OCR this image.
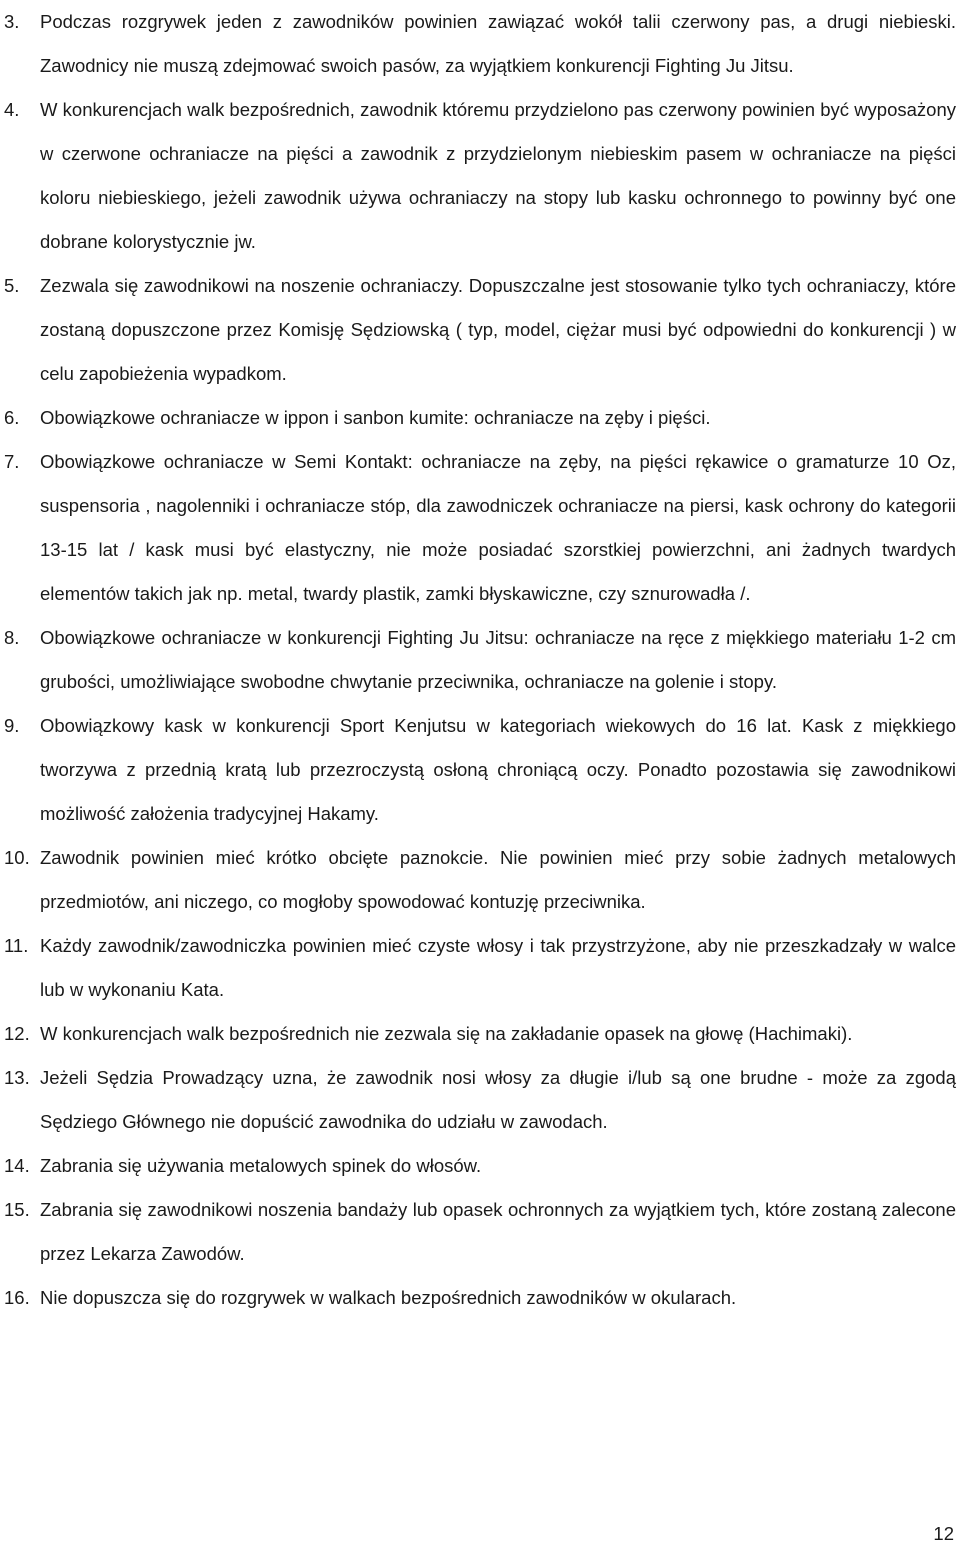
3.	Podczas rozgrywek jeden z zawodników powinien zawiązać wokół talii czerwony pas, a drugi niebieski. Zawodnicy nie muszą zdejmować swoich pasów, za wyjątkiem konkurencji Fighting Ju Jitsu.
4.	W konkurencjach walk bezpośrednich, zawodnik któremu przydzielono pas czerwony powinien być wyposażony w czerwone ochraniacze na pięści a zawodnik z przydzielonym niebieskim pasem w ochraniacze na pięści koloru niebieskiego, jeżeli zawodnik używa ochraniaczy na stopy lub kasku ochronnego to powinny być one dobrane kolorystycznie jw.
5.	Zezwala się zawodnikowi na noszenie ochraniaczy. Dopuszczalne jest stosowanie tylko tych ochraniaczy, które zostaną dopuszczone przez Komisję Sędziowską ( typ, model, ciężar musi być odpowiedni do konkurencji ) w celu zapobieżenia wypadkom.
6.	Obowiązkowe ochraniacze w ippon i sanbon kumite: ochraniacze na zęby i pięści.
7.	Obowiązkowe ochraniacze w Semi Kontakt: ochraniacze na zęby, na pięści rękawice o gramaturze 10 Oz, suspensoria , nagolenniki i ochraniacze stóp, dla zawodniczek ochraniacze na piersi, kask ochrony do kategorii 13-15 lat / kask musi być elastyczny, nie może posiadać szorstkiej powierzchni, ani żadnych twardych elementów takich jak np. metal, twardy plastik, zamki błyskawiczne, czy sznurowadła /.
8.	Obowiązkowe ochraniacze w konkurencji Fighting Ju Jitsu: ochraniacze na ręce z miękkiego materiału 1-2 cm grubości, umożliwiające swobodne chwytanie przeciwnika, ochraniacze na golenie i stopy.
9.	Obowiązkowy kask w konkurencji Sport Kenjutsu w kategoriach wiekowych do 16 lat. Kask z miękkiego tworzywa z przednią kratą lub przezroczystą osłoną chroniącą oczy. Ponadto pozostawia się zawodnikowi możliwość założenia tradycyjnej Hakamy.
10. Zawodnik powinien mieć krótko obcięte paznokcie. Nie powinien mieć przy sobie żadnych metalowych przedmiotów, ani niczego, co mogłoby spowodować kontuzję przeciwnika.
11. Każdy zawodnik/zawodniczka powinien mieć czyste włosy i tak przystrzyżone, aby nie przeszkadzały w walce lub w wykonaniu Kata.
12. W konkurencjach walk bezpośrednich nie zezwala się na zakładanie opasek na głowę (Hachimaki).
13. Jeżeli Sędzia Prowadzący uzna, że zawodnik nosi włosy za długie i/lub są one brudne - może za zgodą Sędziego Głównego nie dopuścić zawodnika do udziału w zawodach.
14. Zabrania się używania metalowych spinek do włosów.
15. Zabrania się zawodnikowi noszenia bandaży lub opasek ochronnych za wyjątkiem tych, które zostaną zalecone przez Lekarza Zawodów.
16. Nie dopuszcza się do rozgrywek w walkach bezpośrednich zawodników w okularach.
12
